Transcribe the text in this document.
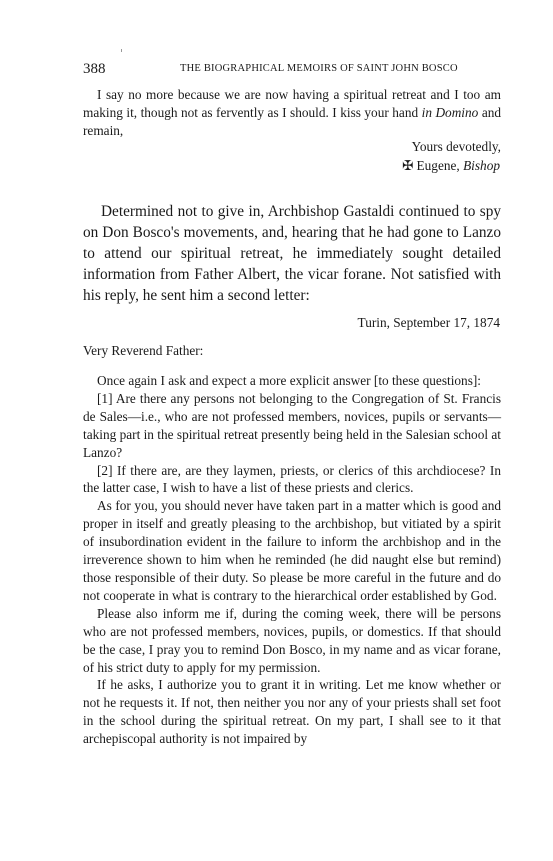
388	THE BIOGRAPHICAL MEMOIRS OF SAINT JOHN BOSCO
I say no more because we are now having a spiritual retreat and I too am making it, though not as fervently as I should. I kiss your hand in Domino and remain,
Yours devotedly,
✠ Eugene, Bishop
Determined not to give in, Archbishop Gastaldi continued to spy on Don Bosco's movements, and, hearing that he had gone to Lanzo to attend our spiritual retreat, he immediately sought detailed information from Father Albert, the vicar forane. Not satisfied with his reply, he sent him a second letter:
Turin, September 17, 1874
Very Reverend Father:

Once again I ask and expect a more explicit answer [to these questions]:

[1] Are there any persons not belonging to the Congregation of St. Francis de Sales—i.e., who are not professed members, novices, pupils or servants—taking part in the spiritual retreat presently being held in the Salesian school at Lanzo?

[2] If there are, are they laymen, priests, or clerics of this archdiocese? In the latter case, I wish to have a list of these priests and clerics.

As for you, you should never have taken part in a matter which is good and proper in itself and greatly pleasing to the archbishop, but vitiated by a spirit of insubordination evident in the failure to inform the archbishop and in the irreverence shown to him when he reminded (he did naught else but remind) those responsible of their duty. So please be more careful in the future and do not cooperate in what is contrary to the hierarchical order established by God.

Please also inform me if, during the coming week, there will be persons who are not professed members, novices, pupils, or domestics. If that should be the case, I pray you to remind Don Bosco, in my name and as vicar forane, of his strict duty to apply for my permission.

If he asks, I authorize you to grant it in writing. Let me know whether or not he requests it. If not, then neither you nor any of your priests shall set foot in the school during the spiritual retreat. On my part, I shall see to it that archepiscopal authority is not impaired by
